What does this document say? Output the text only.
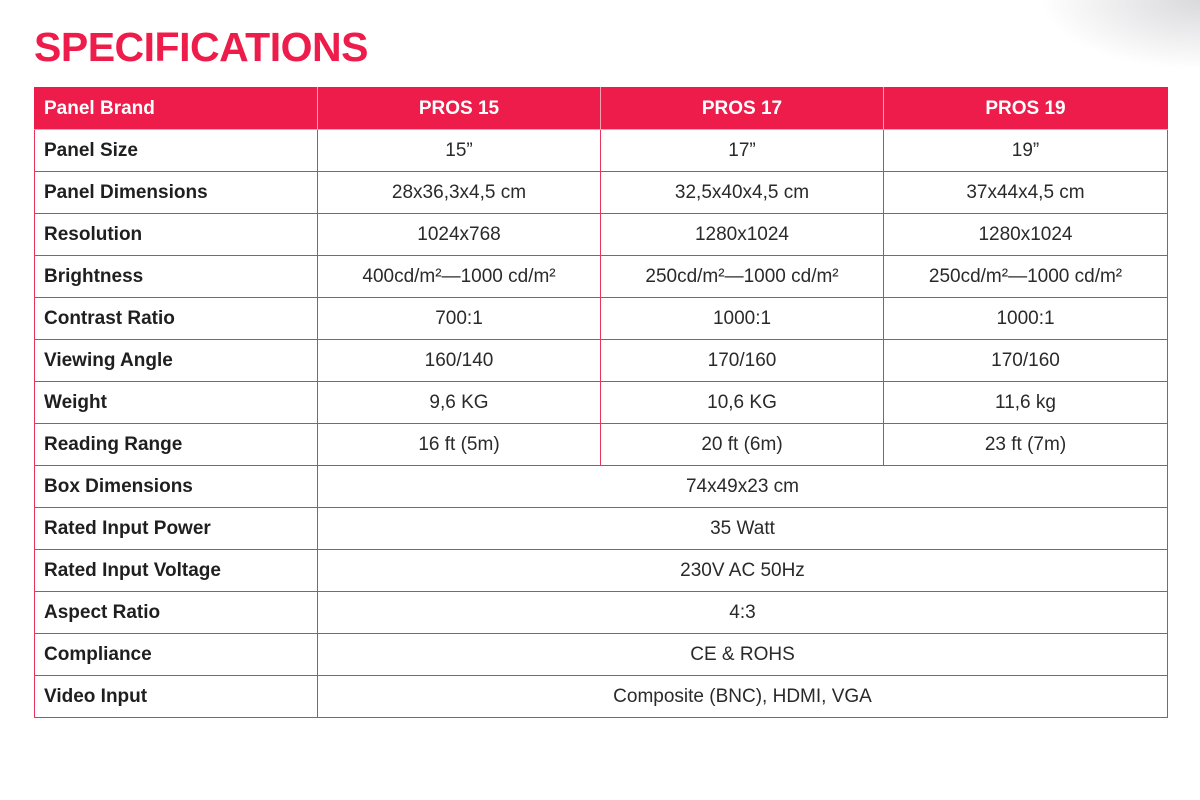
SPECIFICATIONS
Panel Brand	PROS 15	PROS 17	PROS 19
Panel Size	15”	17”	19”
Panel Dimensions	28x36,3x4,5 cm	32,5x40x4,5 cm	37x44x4,5 cm
Resolution	1024x768	1280x1024	1280x1024
Brightness	400cd/m²—1000 cd/m²	250cd/m²—1000 cd/m²	250cd/m²—1000 cd/m²
Contrast Ratio	700:1	1000:1	1000:1
Viewing Angle	160/140	170/160	170/160
Weight	9,6 KG	10,6 KG	11,6 kg
Reading Range	16 ft (5m)	20 ft (6m)	23 ft (7m)
Box Dimensions	74x49x23 cm		
Rated Input Power	35 Watt		
Rated Input Voltage	230V AC 50Hz		
Aspect Ratio	4:3		
Compliance	CE & ROHS		
Video Input	Composite (BNC), HDMI, VGA		
